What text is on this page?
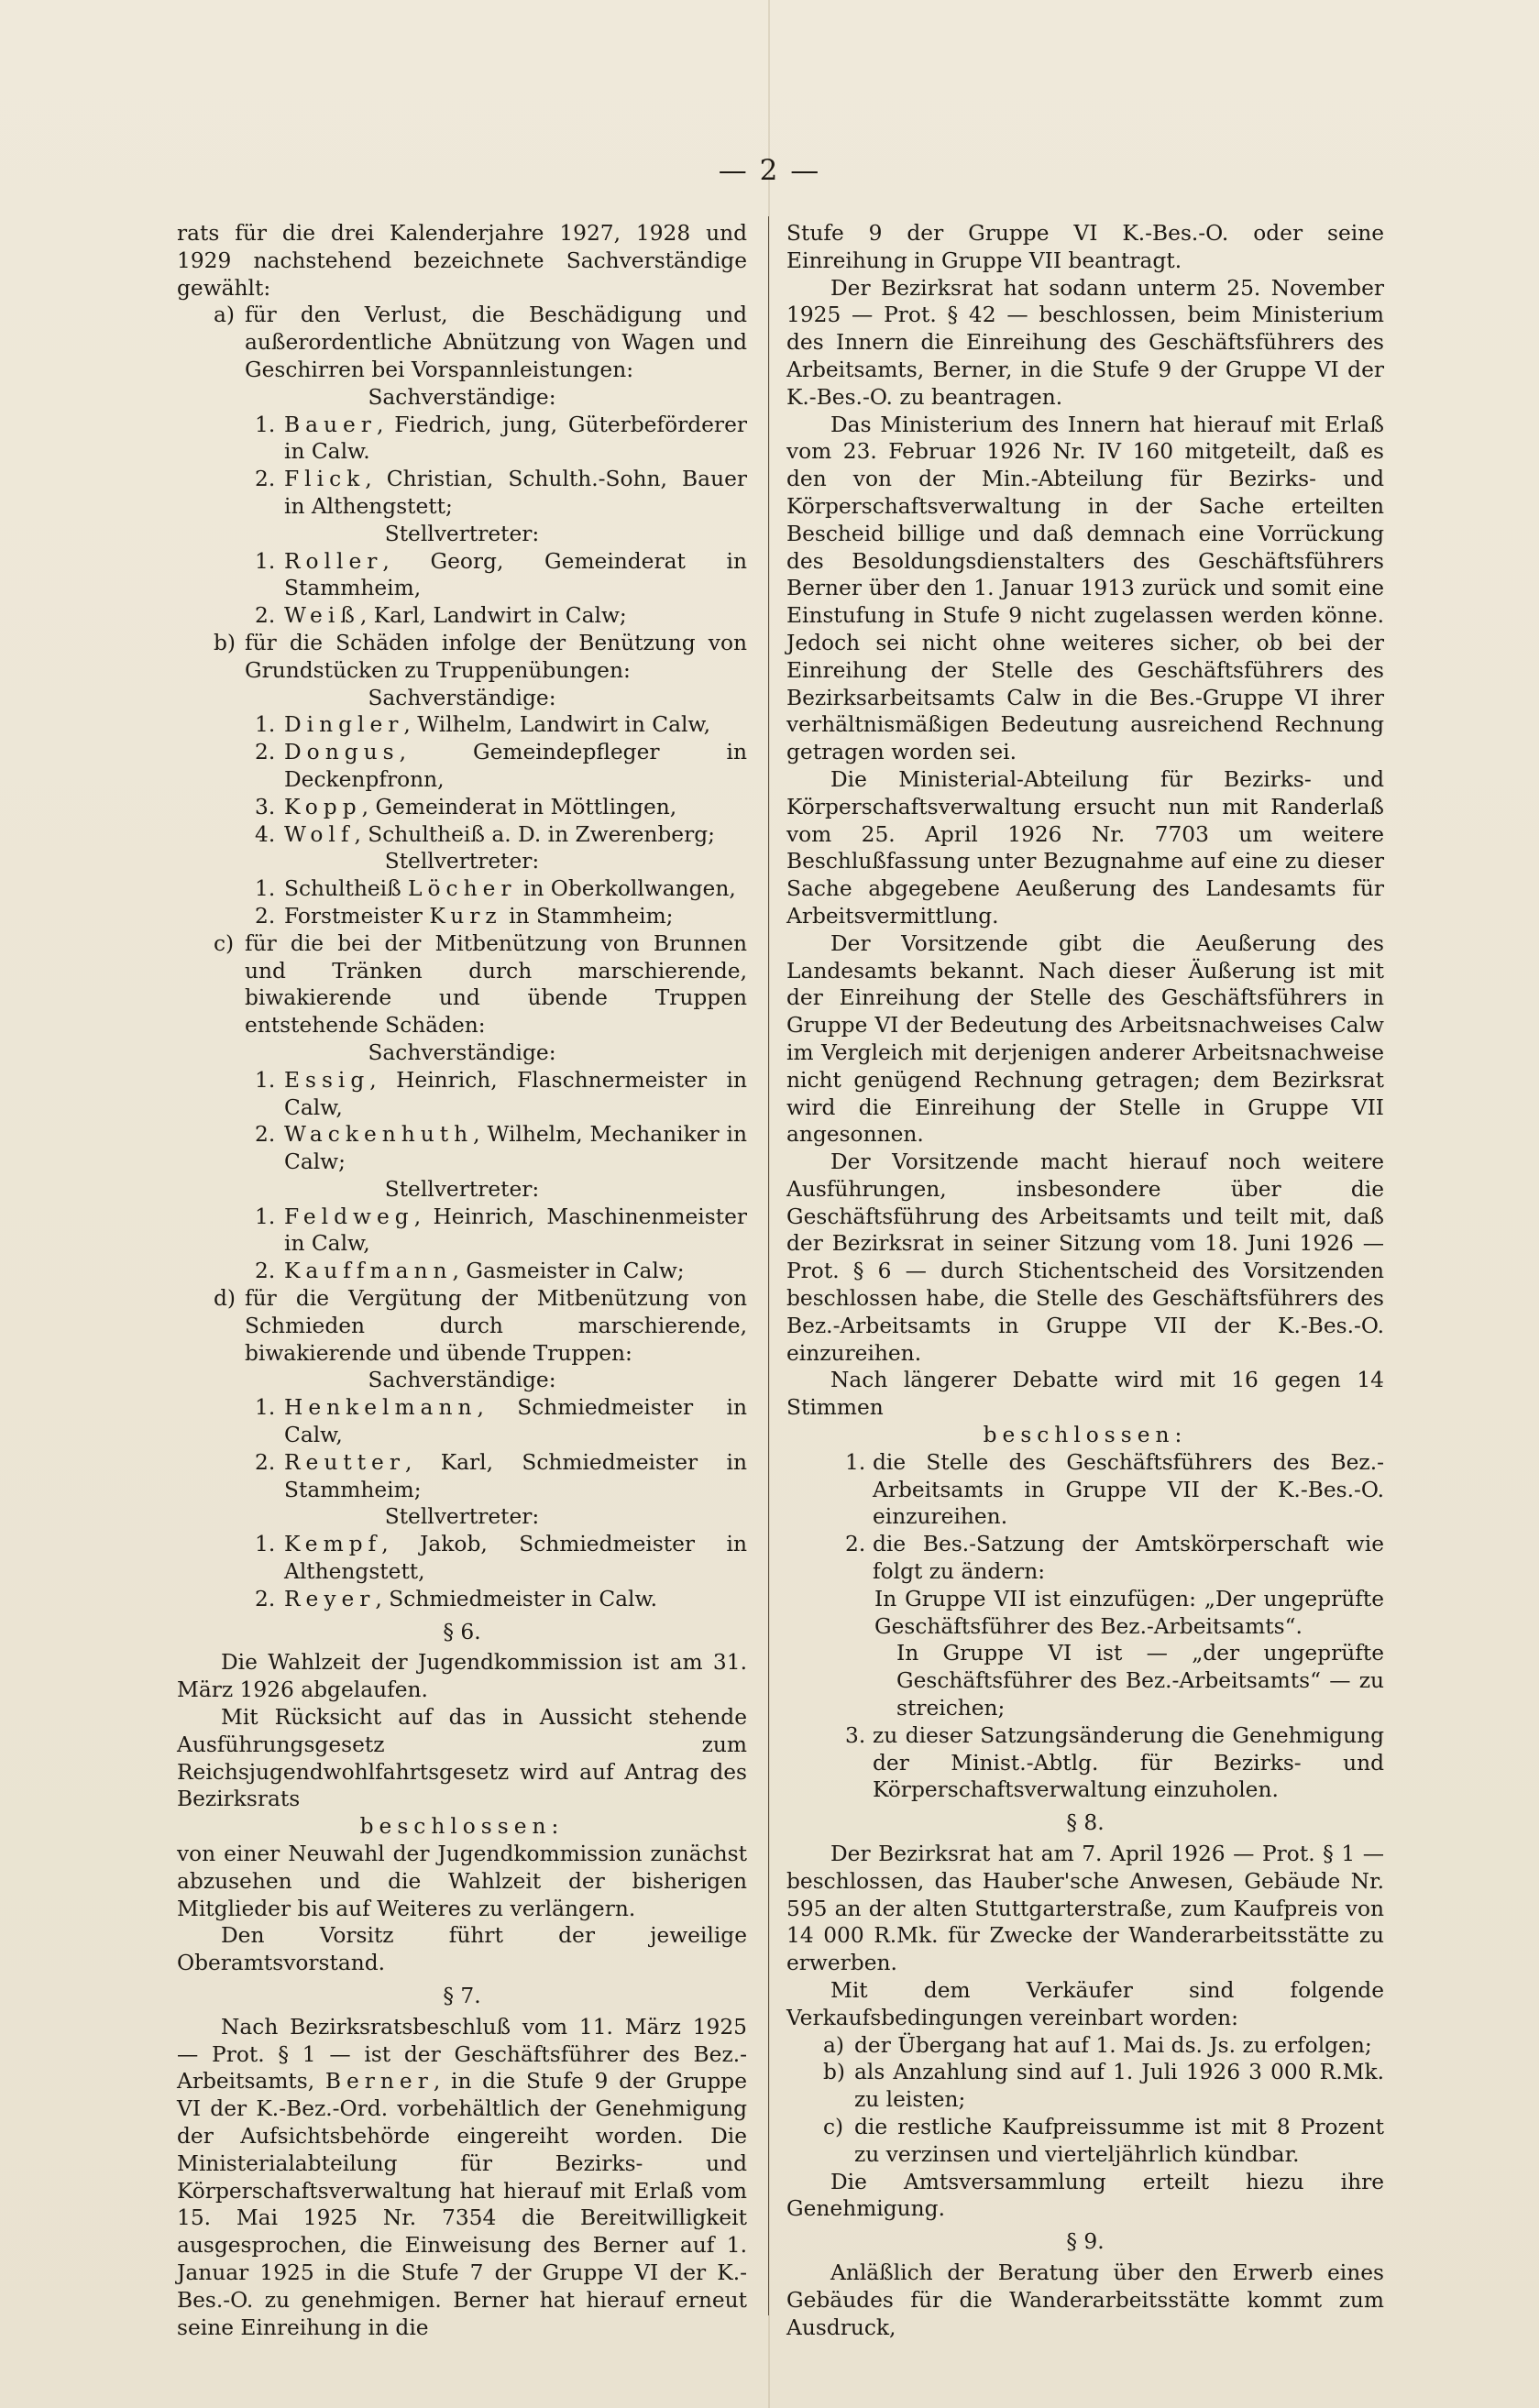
— 2 —

rats für die drei Kalenderjahre 1927, 1928 und 1929 nachstehend bezeichnete Sachverständige gewählt:

a) für den Verlust, die Beschädigung und außerordentliche Abnützung von Wagen und Geschirren bei Vorspannleistungen:

Sachverständige:

1. Bauer, Fiedrich, jung, Güterbeförderer in Calw.
2. Flick, Christian, Schulth.-Sohn, Bauer in Althengstett;

Stellvertreter:

1. Roller, Georg, Gemeinderat in Stammheim,
2. Weiß, Karl, Landwirt in Calw;
b) für die Schäden infolge der Benützung von Grundstücken zu Truppenübungen:

Sachverständige:

1. Dingler, Wilhelm, Landwirt in Calw,
2. Dongus, Gemeindepfleger in Deckenpfronn,
3. Kopp, Gemeinderat in Möttlingen,
4. Wolf, Schultheiß a. D. in Zwerenberg;

Stellvertreter:

1. Schultheiß Löcher in Oberkollwangen,
2. Forstmeister Kurz in Stammheim;
c) für die bei der Mitbenützung von Brunnen und Tränken durch marschierende, biwakierende und übende Truppen entstehende Schäden:

Sachverständige:

1. Essig, Heinrich, Flaschnermeister in Calw,
2. Wackenhuth, Wilhelm, Mechaniker in Calw;

Stellvertreter:

1. Feldweg, Heinrich, Maschinenmeister in Calw,
2. Kauffmann, Gasmeister in Calw;
d) für die Vergütung der Mitbenützung von Schmieden durch marschierende, biwakierende und übende Truppen:

Sachverständige:

1. Henkelmann, Schmiedmeister in Calw,
2. Reutter, Karl, Schmiedmeister in Stammheim;

Stellvertreter:

1. Kempf, Jakob, Schmiedmeister in Althengstett,
2. Reyer, Schmiedmeister in Calw.

§ 6.

Die Wahlzeit der Jugendkommission ist am 31. März 1926 abgelaufen.

Mit Rücksicht auf das in Aussicht stehende Ausführungsgesetz zum Reichsjugendwohlfahrtsgesetz wird auf Antrag des Bezirksrats

beschlossen:

von einer Neuwahl der Jugendkommission zunächst abzusehen und die Wahlzeit der bisherigen Mitglieder bis auf Weiteres zu verlängern.

Den Vorsitz führt der jeweilige Oberamtsvorstand.

§ 7.

Nach Bezirksratsbeschluß vom 11. März 1925 — Prot. § 1 — ist der Geschäftsführer des Bez.-Arbeitsamts, Berner, in die Stufe 9 der Gruppe VI der K.-Bez.-Ord. vorbehältlich der Genehmigung der Aufsichtsbehörde eingereiht worden. Die Ministerialabteilung für Bezirks- und Körperschaftsverwaltung hat hierauf mit Erlaß vom 15. Mai 1925 Nr. 7354 die Bereitwilligkeit ausgesprochen, die Einweisung des Berner auf 1. Januar 1925 in die Stufe 7 der Gruppe VI der K.-Bes.-O. zu genehmigen. Berner hat hierauf erneut seine Einreihung in die

Stufe 9 der Gruppe VI K.-Bes.-O. oder seine Einreihung in Gruppe VII beantragt.

Der Bezirksrat hat sodann unterm 25. November 1925 — Prot. § 42 — beschlossen, beim Ministerium des Innern die Einreihung des Geschäftsführers des Arbeitsamts, Berner, in die Stufe 9 der Gruppe VI der K.-Bes.-O. zu beantragen.

Das Ministerium des Innern hat hierauf mit Erlaß vom 23. Februar 1926 Nr. IV 160 mitgeteilt, daß es den von der Min.-Abteilung für Bezirks- und Körperschaftsverwaltung in der Sache erteilten Bescheid billige und daß demnach eine Vorrückung des Besoldungsdienstalters des Geschäftsführers Berner über den 1. Januar 1913 zurück und somit eine Einstufung in Stufe 9 nicht zugelassen werden könne. Jedoch sei nicht ohne weiteres sicher, ob bei der Einreihung der Stelle des Geschäftsführers des Bezirksarbeitsamts Calw in die Bes.-Gruppe VI ihrer verhältnismäßigen Bedeutung ausreichend Rechnung getragen worden sei.

Die Ministerial-Abteilung für Bezirks- und Körperschaftsverwaltung ersucht nun mit Randerlaß vom 25. April 1926 Nr. 7703 um weitere Beschlußfassung unter Bezugnahme auf eine zu dieser Sache abgegebene Aeußerung des Landesamts für Arbeitsvermittlung.

Der Vorsitzende gibt die Aeußerung des Landesamts bekannt. Nach dieser Äußerung ist mit der Einreihung der Stelle des Geschäftsführers in Gruppe VI der Bedeutung des Arbeitsnachweises Calw im Vergleich mit derjenigen anderer Arbeitsnachweise nicht genügend Rechnung getragen; dem Bezirksrat wird die Einreihung der Stelle in Gruppe VII angesonnen.

Der Vorsitzende macht hierauf noch weitere Ausführungen, insbesondere über die Geschäftsführung des Arbeitsamts und teilt mit, daß der Bezirksrat in seiner Sitzung vom 18. Juni 1926 — Prot. § 6 — durch Stichentscheid des Vorsitzenden beschlossen habe, die Stelle des Geschäftsführers des Bez.-Arbeitsamts in Gruppe VII der K.-Bes.-O. einzureihen.

Nach längerer Debatte wird mit 16 gegen 14 Stimmen

beschlossen:

1. die Stelle des Geschäftsführers des Bez.-Arbeitsamts in Gruppe VII der K.-Bes.-O. einzureihen.
2. die Bes.-Satzung der Amtskörperschaft wie folgt zu ändern:

In Gruppe VII ist einzufügen: „Der ungeprüfte Geschäftsführer des Bez.-Arbeitsamts“.

In Gruppe VI ist — „der ungeprüfte Geschäftsführer des Bez.-Arbeitsamts“ — zu streichen;

3. zu dieser Satzungsänderung die Genehmigung der Minist.-Abtlg. für Bezirks- und Körperschaftsverwaltung einzuholen.

§ 8.

Der Bezirksrat hat am 7. April 1926 — Prot. § 1 — beschlossen, das Hauber'sche Anwesen, Gebäude Nr. 595 an der alten Stuttgarterstraße, zum Kaufpreis von 14 000 R.Mk. für Zwecke der Wanderarbeitsstätte zu erwerben.

Mit dem Verkäufer sind folgende Verkaufsbedingungen vereinbart worden:

a) der Übergang hat auf 1. Mai ds. Js. zu erfolgen;
b) als Anzahlung sind auf 1. Juli 1926 3 000 R.Mk. zu leisten;
c) die restliche Kaufpreissumme ist mit 8 Prozent zu verzinsen und vierteljährlich kündbar.

Die Amtsversammlung erteilt hiezu ihre Genehmigung.

§ 9.

Anläßlich der Beratung über den Erwerb eines Gebäudes für die Wanderarbeitsstätte kommt zum Ausdruck,
